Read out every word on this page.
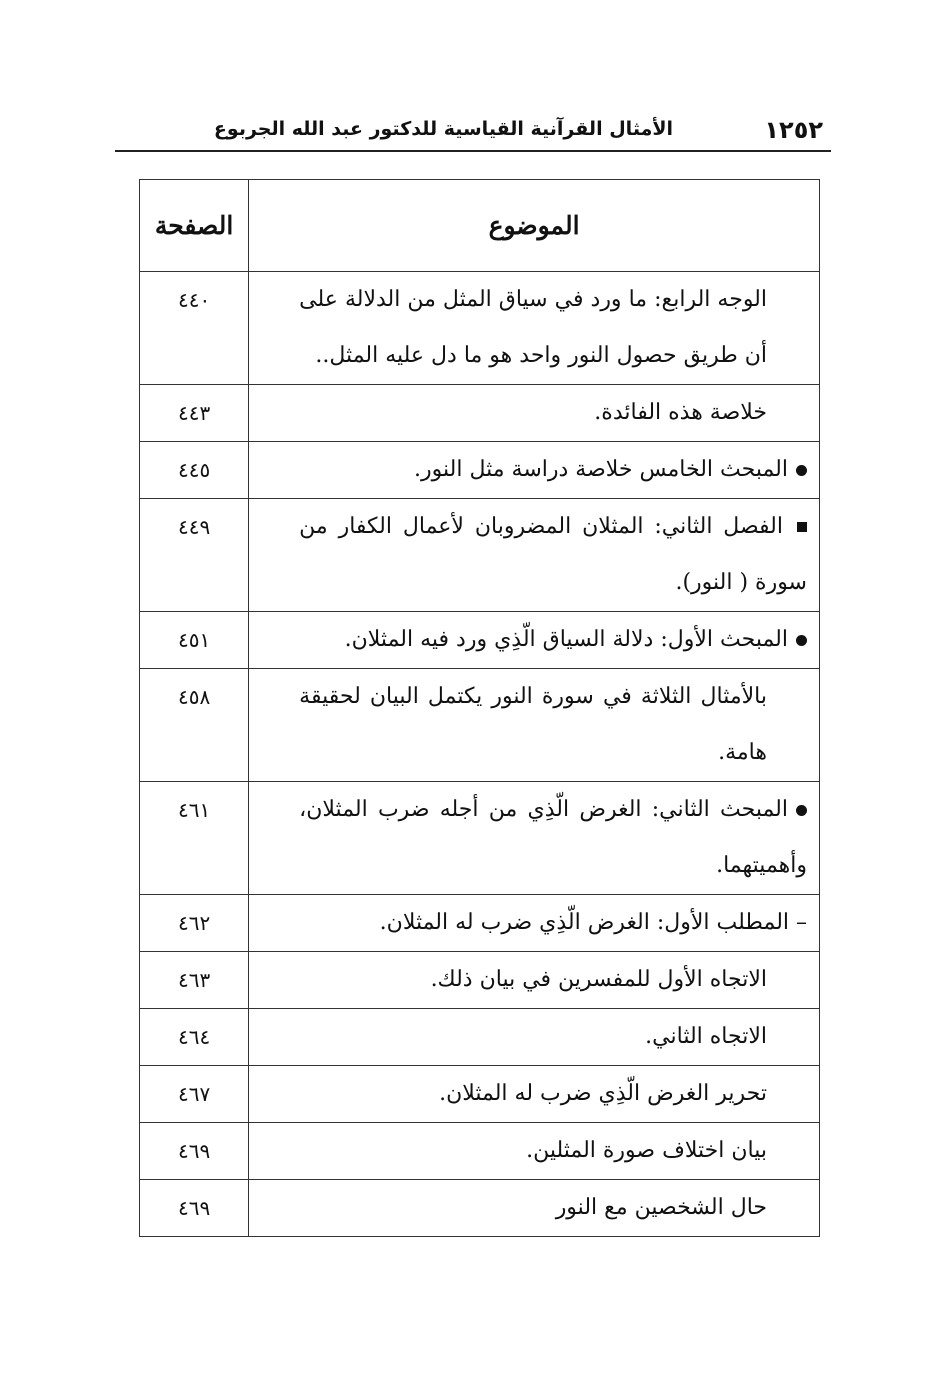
١٢٥٢
الأمثال القرآنية القياسية للدكتور عبد الله الجربوع
الموضوع	الصفحة
الوجه الرابع: ما ورد في سياق المثل من الدلالة على أن طريق حصول النور واحد هو ما دل عليه المثل..	٤٤٠
خلاصة هذه الفائدة.	٤٤٣
المبحث الخامس خلاصة دراسة مثل النور.	٤٤٥
الفصل الثاني: المثلان المضروبان لأعمال الكفار من سورة ( النور).	٤٤٩
المبحث الأول: دلالة السياق الّذِي ورد فيه المثلان.	٤٥١
بالأمثال الثلاثة في سورة النور يكتمل البيان لحقيقة هامة.	٤٥٨
المبحث الثاني: الغرض الّذِي من أجله ضرب المثلان، وأهميتهما.	٤٦١
– المطلب الأول: الغرض الّذِي ضرب له المثلان.	٤٦٢
الاتجاه الأول للمفسرين في بيان ذلك.	٤٦٣
الاتجاه الثاني.	٤٦٤
تحرير الغرض الّذِي ضرب له المثلان.	٤٦٧
بيان اختلاف صورة المثلين.	٤٦٩
حال الشخصين مع النور	٤٦٩
